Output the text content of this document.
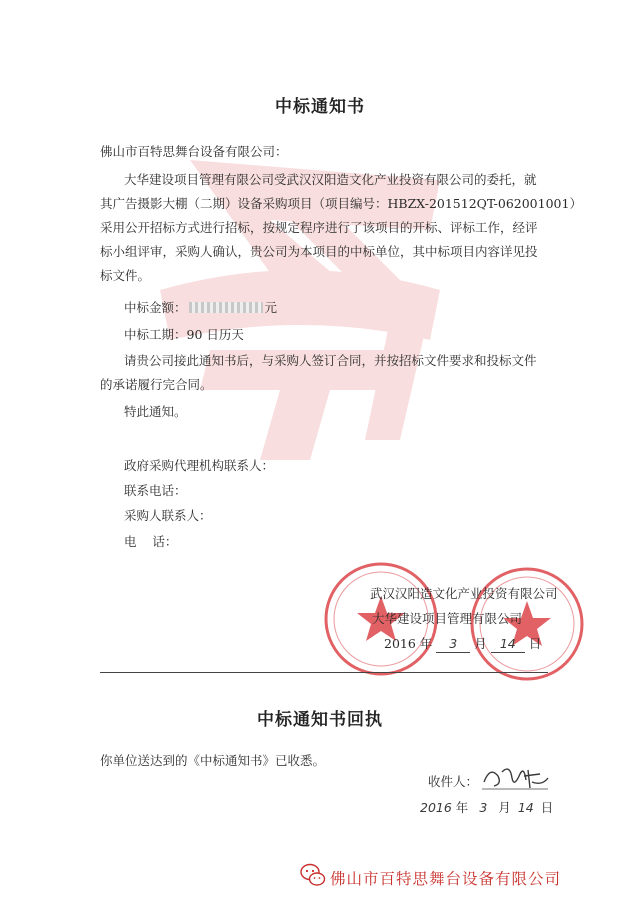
中标通知书
佛山市百特思舞台设备有限公司：
大华建设项目管理有限公司受武汉汉阳造文化产业投资有限公司的委托，就
其广告摄影大棚（二期）设备采购项目（项目编号：HBZX-201512QT-062001001）
采用公开招标方式进行招标，按规定程序进行了该项目的开标、评标工作，经评
标小组评审，采购人确认，贵公司为本项目的中标单位，其中标项目内容详见投
标文件。
中标金额：	元
中标工期：90 日历天
请贵公司接此通知书后，与采购人签订合同，并按招标文件要求和投标文件
的承诺履行完合同。
特此通知。
政府采购代理机构联系人：
联系电话：
采购人联系人：
电    话：
武汉汉阳造文化产业投资有限公司
大华建设项目管理有限公司
2016 年 3 月 14 日
中标通知书回执
你单位送达到的《中标通知书》已收悉。
收件人：
2016 年 3 月 14 日
佛山市百特思舞台设备有限公司
